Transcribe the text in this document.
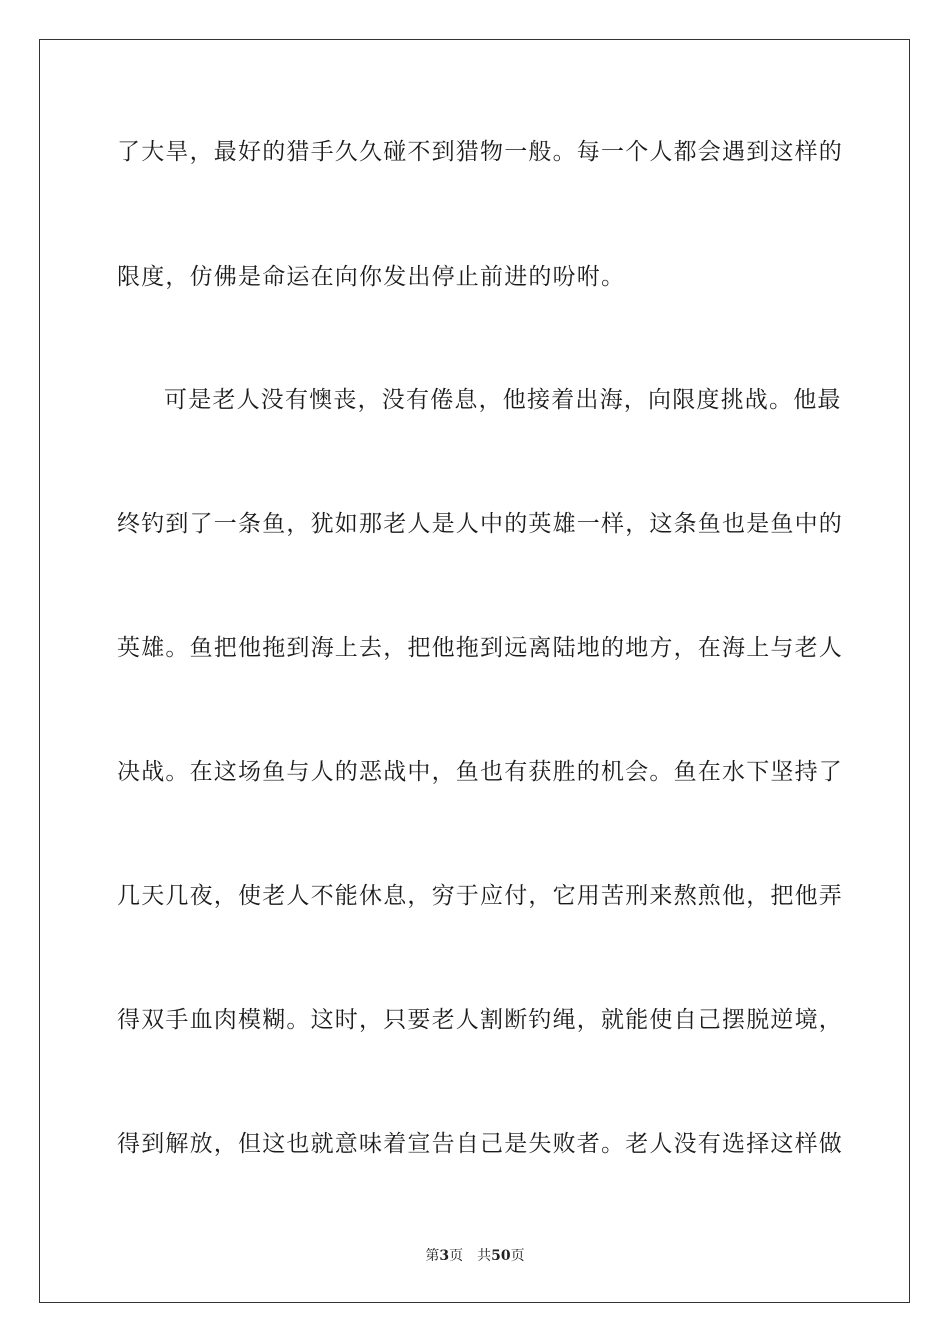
了大旱，最好的猎手久久碰不到猎物一般。每一个人都会遇到这样的
限度，仿佛是命运在向你发出停止前进的吩咐。
可是老人没有懊丧，没有倦息，他接着出海，向限度挑战。他最
终钓到了一条鱼，犹如那老人是人中的英雄一样，这条鱼也是鱼中的
英雄。鱼把他拖到海上去，把他拖到远离陆地的地方，在海上与老人
决战。在这场鱼与人的恶战中，鱼也有获胜的机会。鱼在水下坚持了
几天几夜，使老人不能休息，穷于应付，它用苦刑来熬煎他，把他弄
得双手血肉模糊。这时，只要老人割断钓绳，就能使自己摆脱逆境，
得到解放，但这也就意味着宣告自己是失败者。老人没有选择这样做
第3页 共50页
